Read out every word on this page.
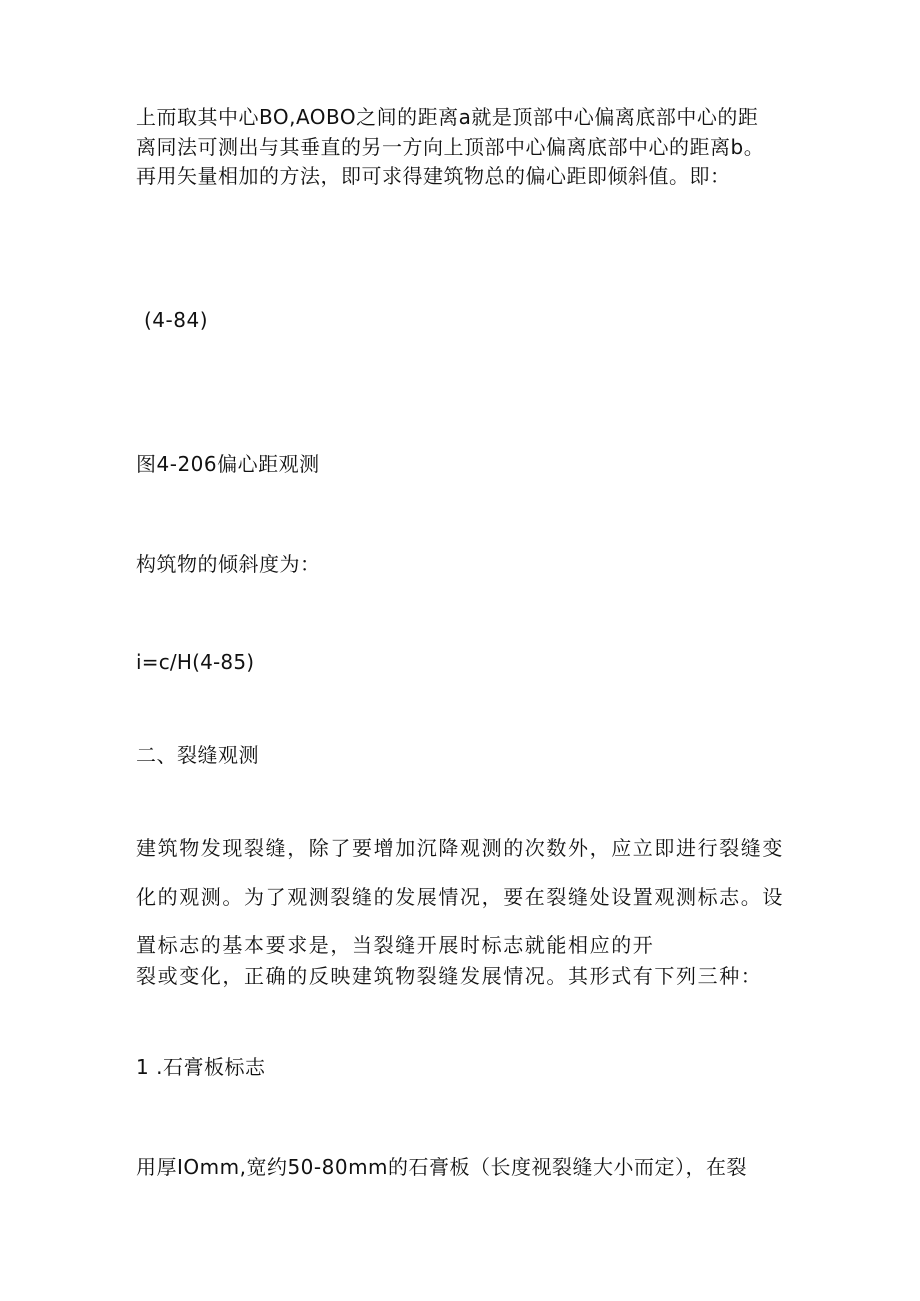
上而取其中心BO,AOBO之间的距离a就是顶部中心偏离底部中心的距
离同法可测出与其垂直的另一方向上顶部中心偏离底部中心的距离b。
再用矢量相加的方法，即可求得建筑物总的偏心距即倾斜值。即：
(4-84)
图4-206偏心距观测
构筑物的倾斜度为：
i=c/H(4-85)
二、裂缝观测
建筑物发现裂缝，除了要增加沉降观测的次数外，应立即进行裂缝变
化的观测。为了观测裂缝的发展情况，要在裂缝处设置观测标志。设
置标志的基本要求是，当裂缝开展时标志就能相应的开
裂或变化，正确的反映建筑物裂缝发展情况。其形式有下列三种：
1 .石膏板标志
用厚IOmm,宽约50-80mm的石膏板（长度视裂缝大小而定），在裂
